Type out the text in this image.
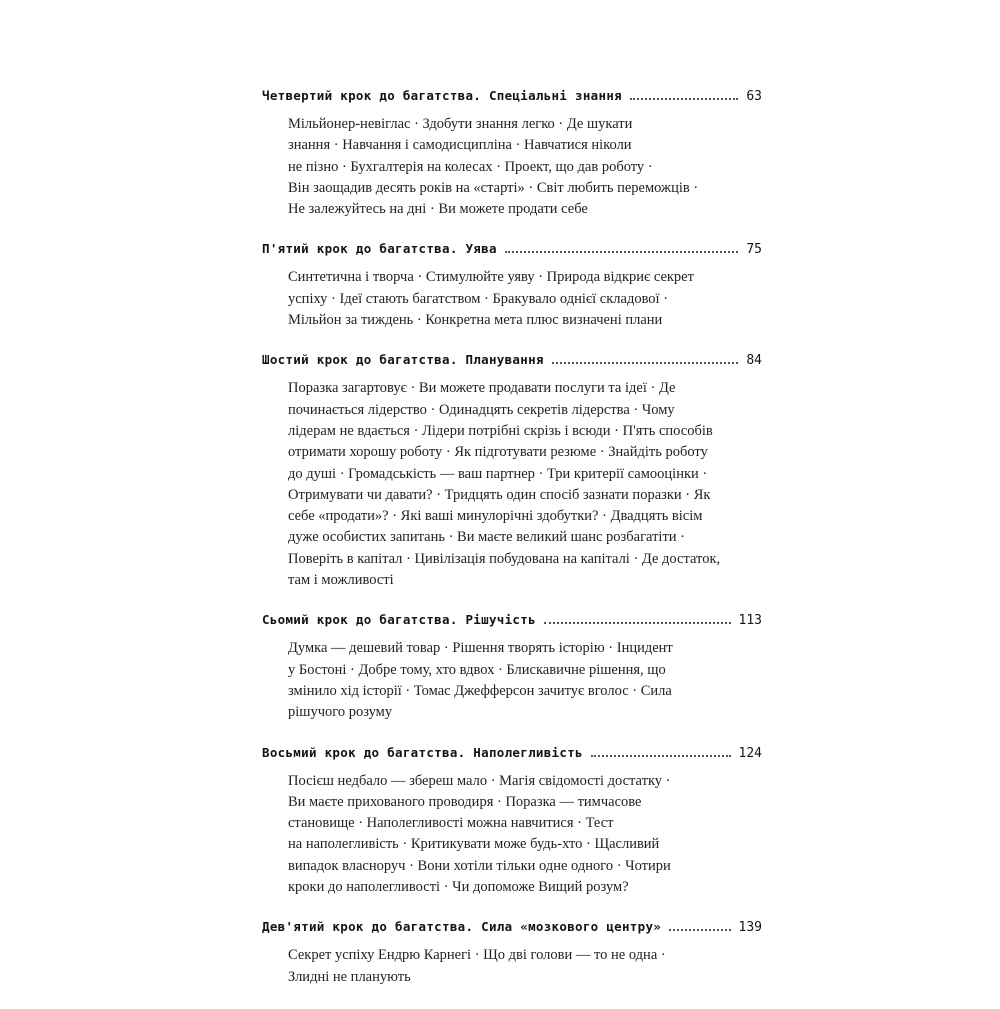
Четвертий крок до багатства. Спеціальні знання	63
Мільйонер-невіглас · Здобути знання легко · Де шукати
знання · Навчання і самодисципліна · Навчатися ніколи
не пізно · Бухгалтерія на колесах · Проект, що дав роботу ·
Він заощадив десять років на «старті» · Світ любить переможців ·
Не залежуйтесь на дні · Ви можете продати себе
П'ятий крок до багатства. Уява	75
Синтетична і творча · Стимулюйте уяву · Природа відкриє секрет
успіху · Ідеї стають багатством · Бракувало однієї складової ·
Мільйон за тиждень · Конкретна мета плюс визначені плани
Шостий крок до багатства. Планування	84
Поразка загартовує · Ви можете продавати послуги та ідеї · Де
починається лідерство · Одинадцять секретів лідерства · Чому
лідерам не вдається · Лідери потрібні скрізь і всюди · П'ять способів
отримати хорошу роботу · Як підготувати резюме · Знайдіть роботу
до душі · Громадськість — ваш партнер · Три критерії самооцінки ·
Отримувати чи давати? · Тридцять один спосіб зазнати поразки · Як
себе «продати»? · Які ваші минулорічні здобутки? · Двадцять вісім
дуже особистих запитань · Ви маєте великий шанс розбагатіти ·
Поверіть в капітал · Цивілізація побудована на капіталі · Де достаток,
там і можливості
Сьомий крок до багатства. Рішучість	113
Думка — дешевий товар · Рішення творять історію · Інцидент
у Бостоні · Добре тому, хто вдвох · Блискавичне рішення, що
змінило хід історії · Томас Джефферсон зачитує вголос · Сила
рішучого розуму
Восьмий крок до багатства. Наполегливість	124
Посієш недбало — збереш мало · Магія свідомості достатку ·
Ви маєте прихованого проводиря · Поразка — тимчасове
становище · Наполегливості можна навчитися · Тест
на наполегливість · Критикувати може будь-хто · Щасливий
випадок власноруч · Вони хотіли тільки одне одного · Чотири
кроки до наполегливості · Чи допоможе Вищий розум?
Дев'ятий крок до багатства. Сила «мозкового центру»	139
Секрет успіху Ендрю Карнегі · Що дві голови — то не одна ·
Злидні не планують
